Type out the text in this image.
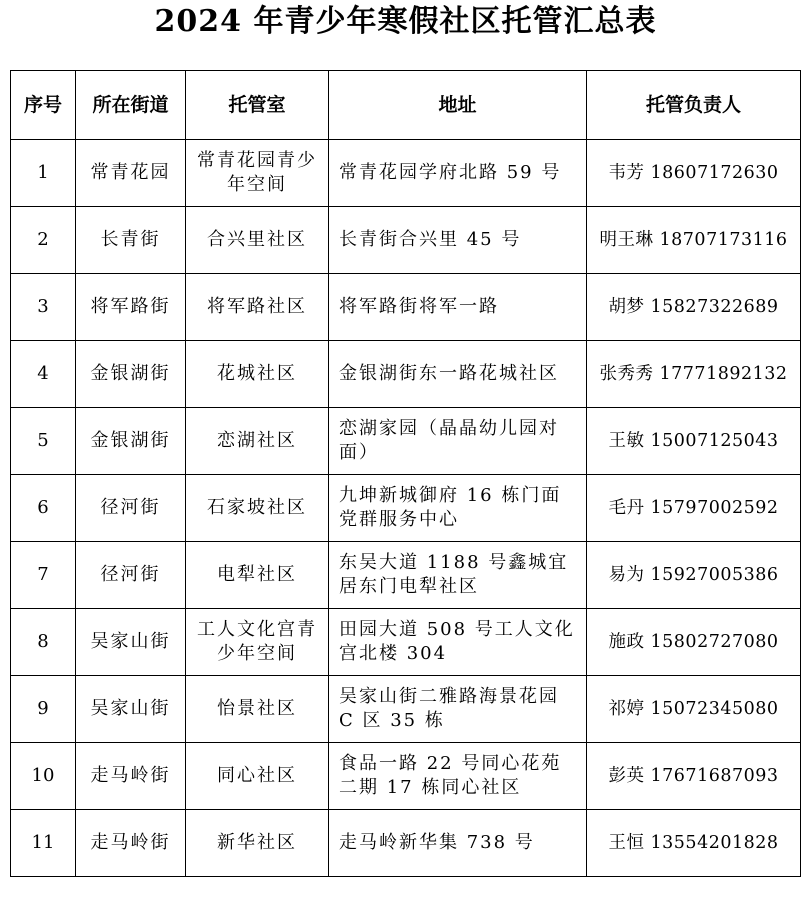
2024 年青少年寒假社区托管汇总表
序号	所在街道	托管室	地址	托管负责人
1	常青花园	常青花园青少年空间	常青花园学府北路 59 号	韦芳 18607172630
2	长青街	合兴里社区	长青街合兴里 45 号	明王琳 18707173116
3	将军路街	将军路社区	将军路街将军一路	胡梦 15827322689
4	金银湖街	花城社区	金银湖街东一路花城社区	张秀秀 17771892132
5	金银湖街	恋湖社区	恋湖家园（晶晶幼儿园对面）	王敏 15007125043
6	径河街	石家坡社区	九坤新城御府 16 栋门面党群服务中心	毛丹 15797002592
7	径河街	电犁社区	东吴大道 1188 号鑫城宜居东门电犁社区	易为 15927005386
8	吴家山街	工人文化宫青少年空间	田园大道 508 号工人文化宫北楼 304	施政 15802727080
9	吴家山街	怡景社区	吴家山街二雅路海景花园 C 区 35 栋	祁婷 15072345080
10	走马岭街	同心社区	食品一路 22 号同心花苑二期 17 栋同心社区	彭英 17671687093
11	走马岭街	新华社区	走马岭新华集 738 号	王恒 13554201828
